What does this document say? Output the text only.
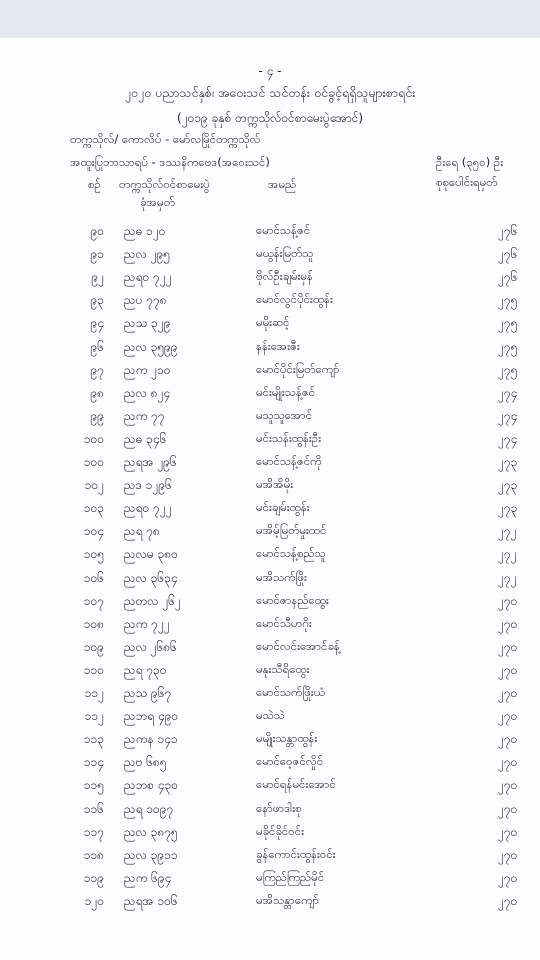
- ၄ -
၂၀၂၀ ပညာသင်နှစ်၊ အဝေးသင် သင်တန်း ဝင်ခွင့်ရရှိသူများစာရင်း
(၂၀၁၉ ခုနှစ် တက္ကသိုလ်ဝင်စာမေးပွဲအောင်)
တက္ကသိုလ်/ ကောလိပ် - မော်လမြိုင်တက္ကသိုလ်
အထူးပြုဘာသာရပ် - ဒဿနိကဗေဒ(အဝေးသင်)	ဦးရေ (၃၅၀) ဦး
စုစုပေါင်းရမှတ်
စဉ် တက္ကသိုလ်ဝင်စာမေးပွဲ
ခုံအမှတ်
အမည်
၉၀ ညဓ ၁၂၀	မောင်သန့်ဇင်	၂၇၆
၉၁ ညလ ၂၉၅	မယွန်းမြတ်သူ	၂၇၆
၉၂ ညရ၀ ၇၂၂	ဗိုလ်ဦးချမ်းမှန်	၂၇၆
၉၃ ညပ ၇၇၈	မောင်လွင်ပိုင်းထွန်း	၂၇၅
၉၄ ညသ ၃၂၉	မမိုးဆင့်	၂၇၅
၉၆ ညလ ၃၅၉၉	နန်းအေးဇီး	၂၇၅
၉၇ ညက ၂၁၀	မောင်ပိုင်းမြတ်ကျော်	၂၇၅
၉၈ ညလ ၈၂၄	မင်းမျိုးသန့်ဇင်	၂၇၄
၉၉ ညက ၇၇	မသူသူအောင်	၂၇၄
၁၀၀ ညဓ ၃၄၆	မင်းသန်းထွန်းဦး	၂၇၄
၁၀၀ ညရအ ၂၉၆	မောင်သန့်ဇင်ကို	၂၇၃
၁၀၂ ညဒ ၁၂၉၆	မအိအိမိုး	၂၇၃
၁၀၃ ညရ၀ ၇၂၂	မင်းချမ်းထွန်း	၂၇၃
၁၀၄ ညရ ၇၈	မအိမ့်မြတ်မှုးထင်	၂၇၂
၁၀၅ ညလမ ၃၈၀	မောင်သန့်စည်သူ	၂၇၂
၁၀၆ ညလ ၃၆၃၄	မအိသက်ဖြိုး	၂၇၂
၁၀၇ ညတလ ၂၆၂	မောင်ဇာနည်ထွေး	၂၇၀
၁၀၈ ညက ၇၂၂	မောင်သီဟဂိုး	၂၇၀
၁၀၉ ညလ ၂၆၈၆	မောင်လင်းအောင်ခန့်	၂၇၀
၁၁၀ ညရ ၇၃၀	မနုးသီရိထွေး	၂၇၀
၁၁၂ ညသ ၉၆၇	မောင်သက်ဖြိုးယံ	၂၇၀
၁၁၂ ညဘရ ၄၉၀	မသဲသဲ	၂၇၀
၁၁၃ ညကန ၁၄၁	မမျိုးသန္တာထွန်း	၂၇၀
၁၁၄ ညဗ ၆၈၅	မောင်ဝေ့ဇင်လှိုင်	၂၇၀
၁၁၅ ညဘစ ၄၃၀	မောင်ရန်မင်းအောင်	၂၇၀
၁၁၆ ညရ ၁၀၉၇	နော်ဖာဒါးစု	၂၇၀
၁၁၇ ညလ ၃၈၇၅	မခိုင်ခိုင်ဝင်း	၂၇၀
၁၁၈ ညလ ၃၉၁၁	ခွန်ကောင်းထွန်းဝင်း	၂၇၀
၁၁၉ ညက ၆၉၄	မကြည်ကြည်မိုင်	၂၇၀
၁၂၀ ညရအ ၁၀၆	မအိသန္တာကျော်	၂၇၀
